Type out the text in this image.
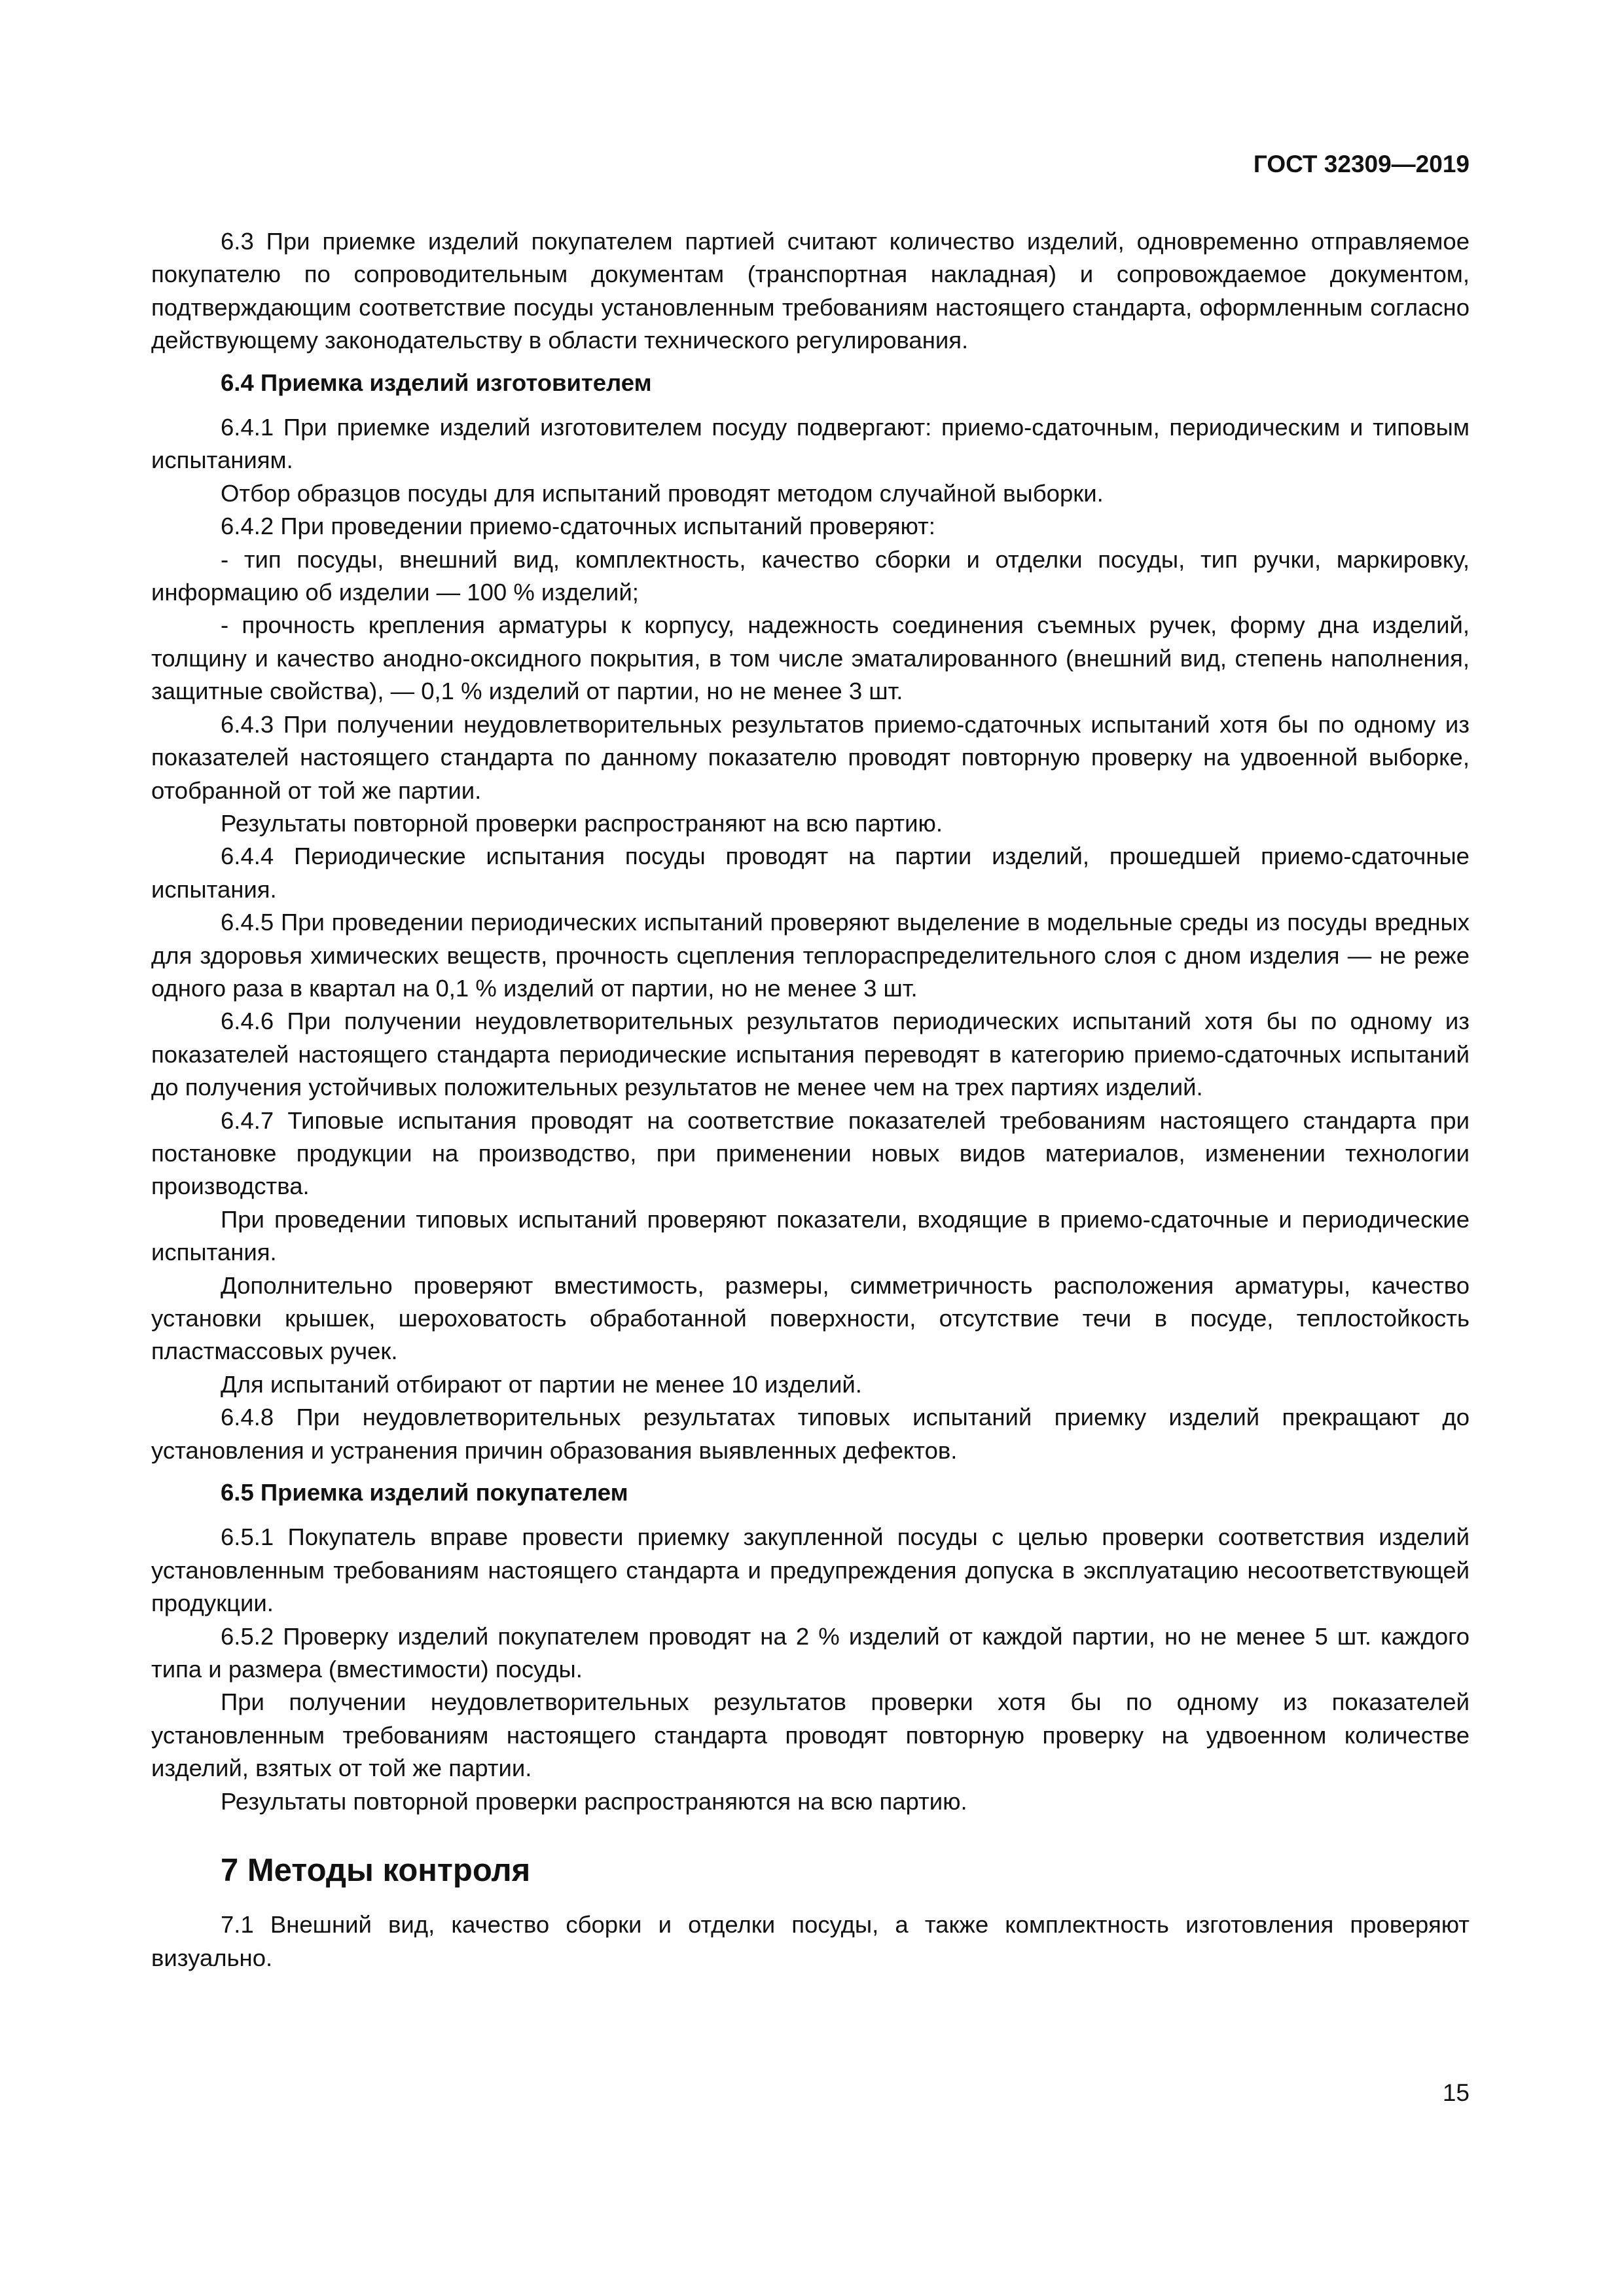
ГОСТ 32309—2019

6.3 При приемке изделий покупателем партией считают количество изделий, одновременно отправляемое покупателю по сопроводительным документам (транспортная накладная) и сопровождаемое документом, подтверждающим соответствие посуды установленным требованиям настоящего стандарта, оформленным согласно действующему законодательству в области технического регулирования.

6.4 Приемка изделий изготовителем

6.4.1 При приемке изделий изготовителем посуду подвергают: приемо-сдаточным, периодическим и типовым испытаниям.

Отбор образцов посуды для испытаний проводят методом случайной выборки.

6.4.2 При проведении приемо-сдаточных испытаний проверяют:

- тип посуды, внешний вид, комплектность, качество сборки и отделки посуды, тип ручки, маркировку, информацию об изделии — 100 % изделий;

- прочность крепления арматуры к корпусу, надежность соединения съемных ручек, форму дна изделий, толщину и качество анодно-оксидного покрытия, в том числе эматалированного (внешний вид, степень наполнения, защитные свойства), — 0,1 % изделий от партии, но не менее 3 шт.

6.4.3 При получении неудовлетворительных результатов приемо-сдаточных испытаний хотя бы по одному из показателей настоящего стандарта по данному показателю проводят повторную проверку на удвоенной выборке, отобранной от той же партии.

Результаты повторной проверки распространяют на всю партию.

6.4.4 Периодические испытания посуды проводят на партии изделий, прошедшей приемо-сдаточные испытания.

6.4.5 При проведении периодических испытаний проверяют выделение в модельные среды из посуды вредных для здоровья химических веществ, прочность сцепления теплораспределительного слоя с дном изделия — не реже одного раза в квартал на 0,1 % изделий от партии, но не менее 3 шт.

6.4.6 При получении неудовлетворительных результатов периодических испытаний хотя бы по одному из показателей настоящего стандарта периодические испытания переводят в категорию приемо-сдаточных испытаний до получения устойчивых положительных результатов не менее чем на трех партиях изделий.

6.4.7 Типовые испытания проводят на соответствие показателей требованиям настоящего стандарта при постановке продукции на производство, при применении новых видов материалов, изменении технологии производства.

При проведении типовых испытаний проверяют показатели, входящие в приемо-сдаточные и периодические испытания.

Дополнительно проверяют вместимость, размеры, симметричность расположения арматуры, качество установки крышек, шероховатость обработанной поверхности, отсутствие течи в посуде, теплостойкость пластмассовых ручек.

Для испытаний отбирают от партии не менее 10 изделий.

6.4.8 При неудовлетворительных результатах типовых испытаний приемку изделий прекращают до установления и устранения причин образования выявленных дефектов.

6.5 Приемка изделий покупателем

6.5.1 Покупатель вправе провести приемку закупленной посуды с целью проверки соответствия изделий установленным требованиям настоящего стандарта и предупреждения допуска в эксплуатацию несоответствующей продукции.

6.5.2 Проверку изделий покупателем проводят на 2 % изделий от каждой партии, но не менее 5 шт. каждого типа и размера (вместимости) посуды.

При получении неудовлетворительных результатов проверки хотя бы по одному из показателей установленным требованиям настоящего стандарта проводят повторную проверку на удвоенном количестве изделий, взятых от той же партии.

Результаты повторной проверки распространяются на всю партию.

7 Методы контроля

7.1 Внешний вид, качество сборки и отделки посуды, а также комплектность изготовления проверяют визуально.

15
